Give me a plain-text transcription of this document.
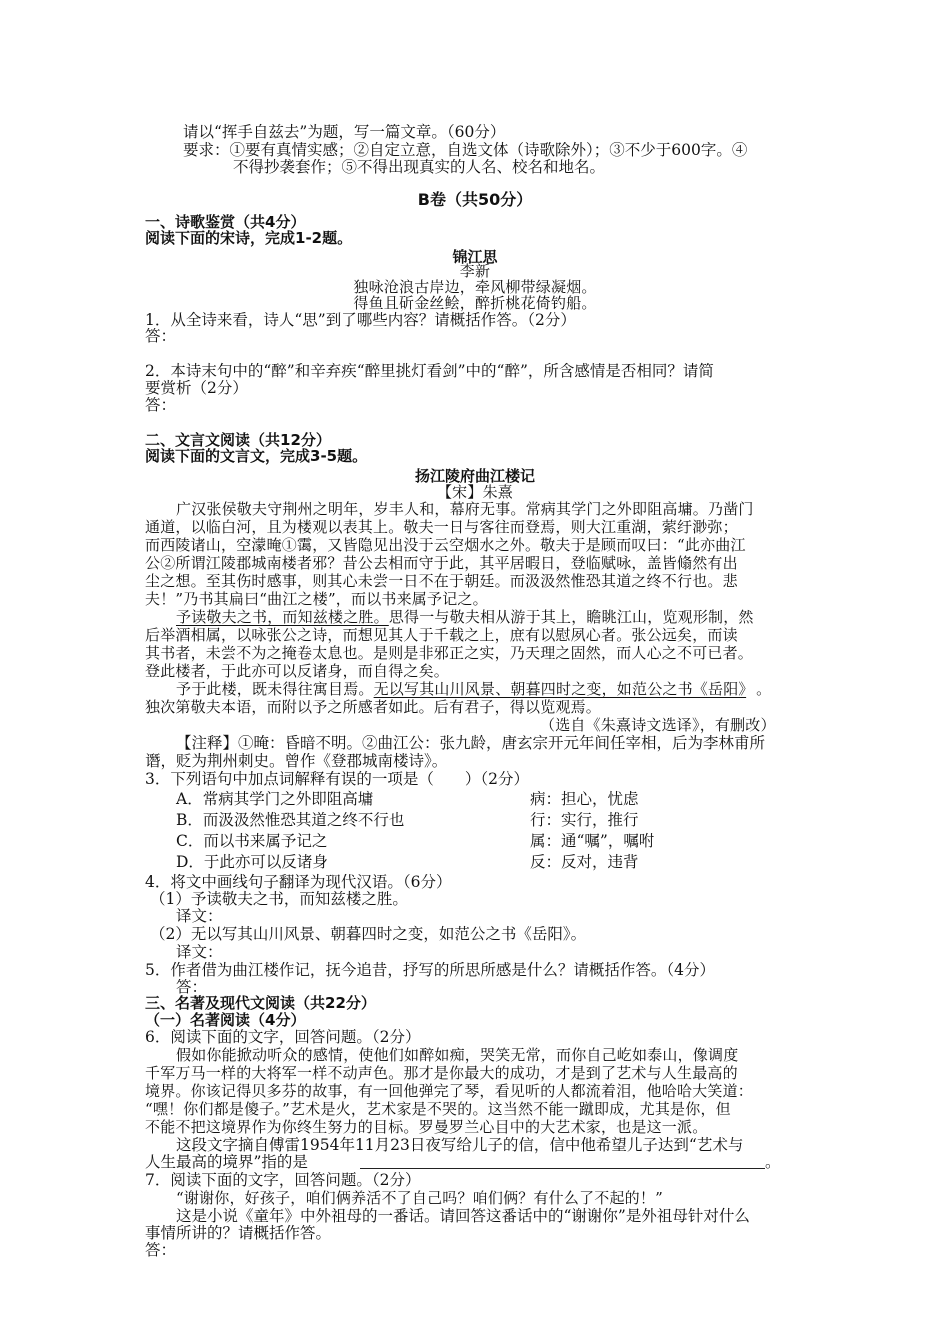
请以“挥手自兹去”为题，写一篇文章。（60分）
要求：①要有真情实感；②自定立意，自选文体（诗歌除外）；③不少于600字。④
不得抄袭套作；⑤不得出现真实的人名、校名和地名。
B卷（共50分）
一、诗歌鉴赏（共4分）
阅读下面的宋诗，完成1-2题。
锦江思
李新
独咏沧浪古岸边，牵风柳带绿凝烟。
得鱼且斫金丝鲙，醉折桃花倚钓船。
1．从全诗来看，诗人“思”到了哪些内容？请概括作答。（2分）
答：
2．本诗末句中的“醉”和辛弃疾“醉里挑灯看剑”中的“醉”，所含感情是否相同？请简
要赏析（2分）
答：
二、文言文阅读（共12分）
阅读下面的文言文，完成3-5题。
扬江陵府曲江楼记
【宋】朱熹
广汉张侯敬夫守荆州之明年，岁丰人和，幕府无事。常病其学门之外即阻高墉。乃凿门
通道，以临白河，且为楼观以表其上。敬夫一日与客往而登焉，则大江重湖，萦纡渺弥；
而西陵诸山，空濛晻①霭，又皆隐见出没于云空烟水之外。敬夫于是顾而叹曰：“此亦曲江
公②所谓江陵郡城南楼者邪？昔公去相而守于此，其平居暇日，登临赋咏，盖皆翛然有出
尘之想。至其伤时感事，则其心未尝一日不在于朝廷。而汲汲然惟恐其道之终不行也。悲
夫！”乃书其扁曰“曲江之楼”，而以书来属予记之。
予读敬夫之书，而知兹楼之胜。思得一与敬夫相从游于其上，瞻眺江山，览观形制，然
后举酒相属，以咏张公之诗，而想见其人于千载之上，庶有以慰夙心者。张公远矣，而读
其书者，未尝不为之掩卷太息也。是则是非邪正之实，乃天理之固然，而人心之不可已者。
登此楼者，于此亦可以反诸身，而自得之矣。
予于此楼，既未得往寓目焉。无以写其山川风景、朝暮四时之变，如范公之书《岳阳》 。
独次第敬夫本语，而附以予之所感者如此。后有君子，得以览观焉。
（选自《朱熹诗文选译》，有删改）
【注释】①晻：昏暗不明。②曲江公：张九龄，唐玄宗开元年间任宰相，后为李林甫所
谮，贬为荆州刺史。曾作《登郡城南楼诗》。
3．下列语句中加点词解释有误的一项是（　　）（2分）
A．常病其学门之外即阻高墉	病：担心，忧虑
B．而汲汲然惟恐其道之终不行也	行：实行，推行
C．而以书来属予记之	属：通“嘱”，嘱咐
D．于此亦可以反诸身	反：反对，违背
4．将文中画线句子翻译为现代汉语。（6分）
（1）予读敬夫之书，而知兹楼之胜。
译文：
（2）无以写其山川风景、朝暮四时之变，如范公之书《岳阳》。
译文：
5．作者借为曲江楼作记，抚今追昔，抒写的所思所感是什么？请概括作答。（4分）
答：
三、名著及现代文阅读（共22分）
（一）名著阅读（4分）
6．阅读下面的文字，回答问题。（2分）
假如你能掀动听众的感情，使他们如醉如痴，哭笑无常，而你自己屹如泰山，像调度
千军万马一样的大将军一样不动声色。那才是你最大的成功，才是到了艺术与人生最高的
境界。你该记得贝多芬的故事，有一回他弹完了琴，看见听的人都流着泪，他哈哈大笑道：
“嘿！你们都是傻子。”艺术是火，艺术家是不哭的。这当然不能一蹴即成，尤其是你，但
不能不把这境界作为你终生努力的目标。罗曼罗兰心目中的大艺术家，也是这一派。
这段文字摘自傅雷1954年11月23日夜写给儿子的信，信中他希望儿子达到“艺术与
人生最高的境界”指的是	。
7．阅读下面的文字，回答问题。（2分）
“谢谢你，好孩子，咱们俩养活不了自己吗？咱们俩？有什么了不起的！”
这是小说《童年》中外祖母的一番话。请回答这番话中的“谢谢你”是外祖母针对什么
事情所讲的？请概括作答。
答：
